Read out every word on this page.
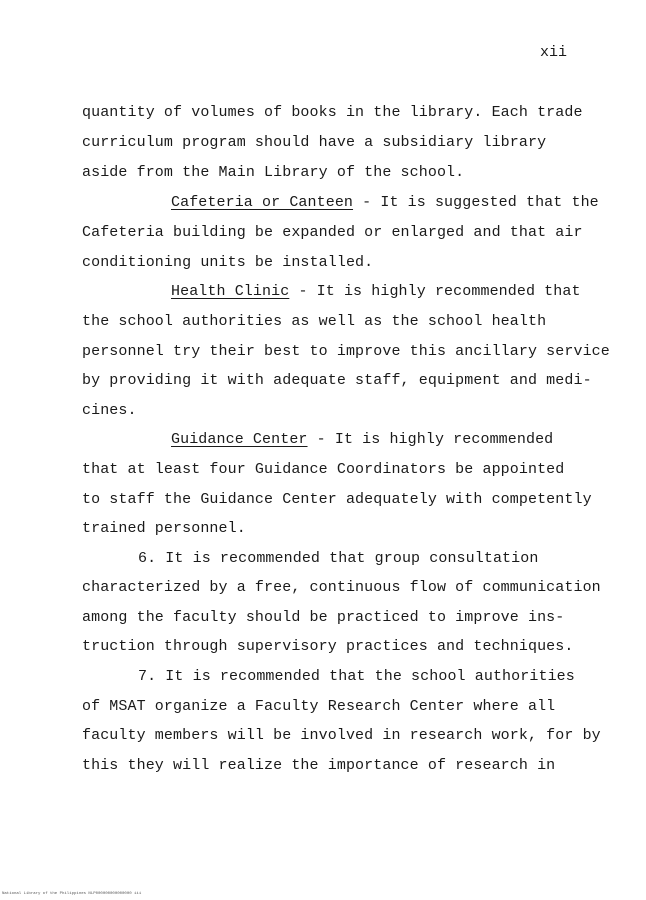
xii
quantity of volumes of books in the library. Each trade
curriculum program should have a subsidiary library
aside from the Main Library of the school.
Cafeteria or Canteen - It is suggested that the
Cafeteria building be expanded or enlarged and that air
conditioning units be installed.
Health Clinic - It is highly recommended that
the school authorities as well as the school health
personnel try their best to improve this ancillary service
by providing it with adequate staff, equipment and medi-
cines.
Guidance Center - It is highly recommended
that at least four Guidance Coordinators be appointed
to staff the Guidance Center adequately with competently
trained personnel.
6. It is recommended that group consultation
characterized by a free, continuous flow of communication
among the faculty should be practiced to improve ins-
truction through supervisory practices and techniques.
7. It is recommended that the school authorities
of MSAT organize a Faculty Research Center where all
faculty members will be involved in research work, for by
this they will realize the importance of research in
National Library of the Philippines NLP000000000000000 iii
